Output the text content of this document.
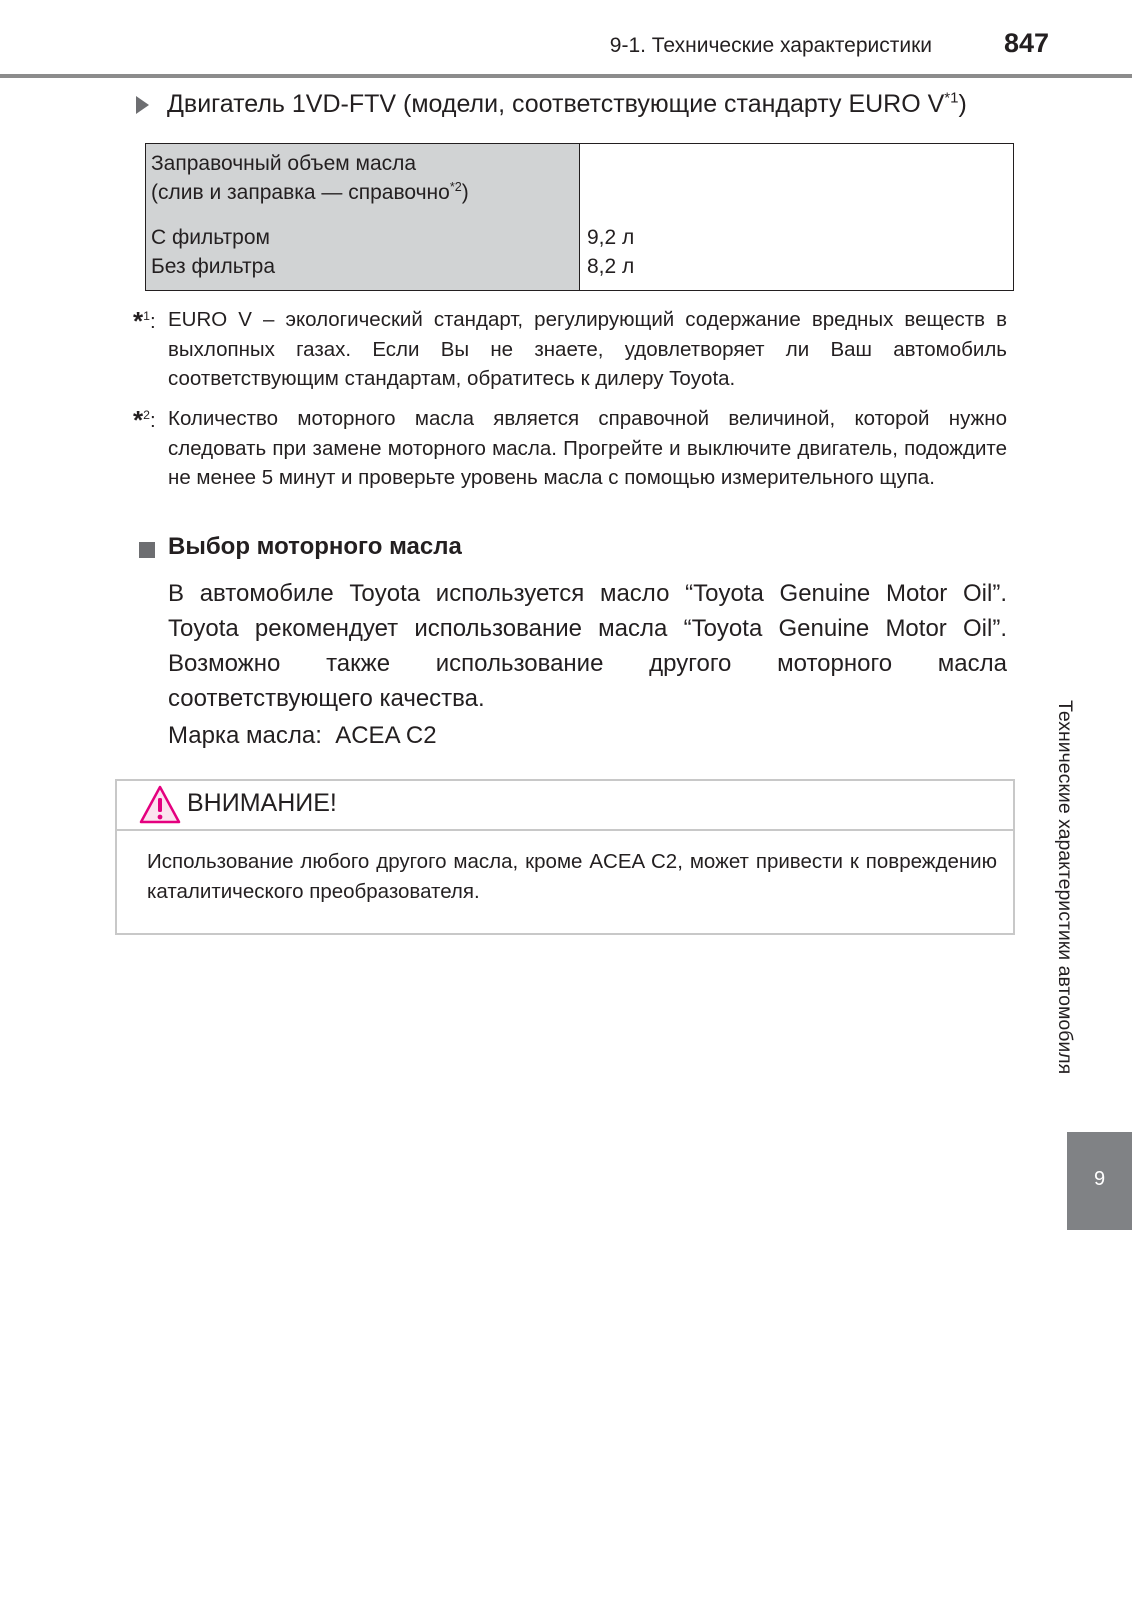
9-1. Технические характеристики	847
Двигатель 1VD-FTV (модели, соответствующие стандарту EURO $V^{*1}$)
Заправочный объем масла
(слив и заправка — справочно$^{*2}$)
С фильтром
Без фильтра
9,2 л
8,2 л
*$^1$: EURO V – экологический стандарт, регулирующий содержание вредных веществ в выхлопных газах. Если Вы не знаете, удовлетворяет ли Ваш автомобиль соответствующим стандартам, обратитесь к дилеру Toyota.
*$^2$: Количество моторного масла является справочной величиной, которой нужно следовать при замене моторного масла. Прогрейте и выключите двигатель, подождите не менее 5 минут и проверьте уровень масла с помощью измерительного щупа.
Выбор моторного масла
В автомобиле Toyota используется масло “Toyota Genuine Motor Oil”. Toyota рекомендует использование масла “Toyota Genuine Motor Oil”. Возможно также использование другого моторного масла соответствующего качества.
Марка масла: ACEA C2
ВНИМАНИЕ!
Использование любого другого масла, кроме ACEA C2, может привести к повреждению каталитического преобразователя.	Технические характеристики автомобиля
9
